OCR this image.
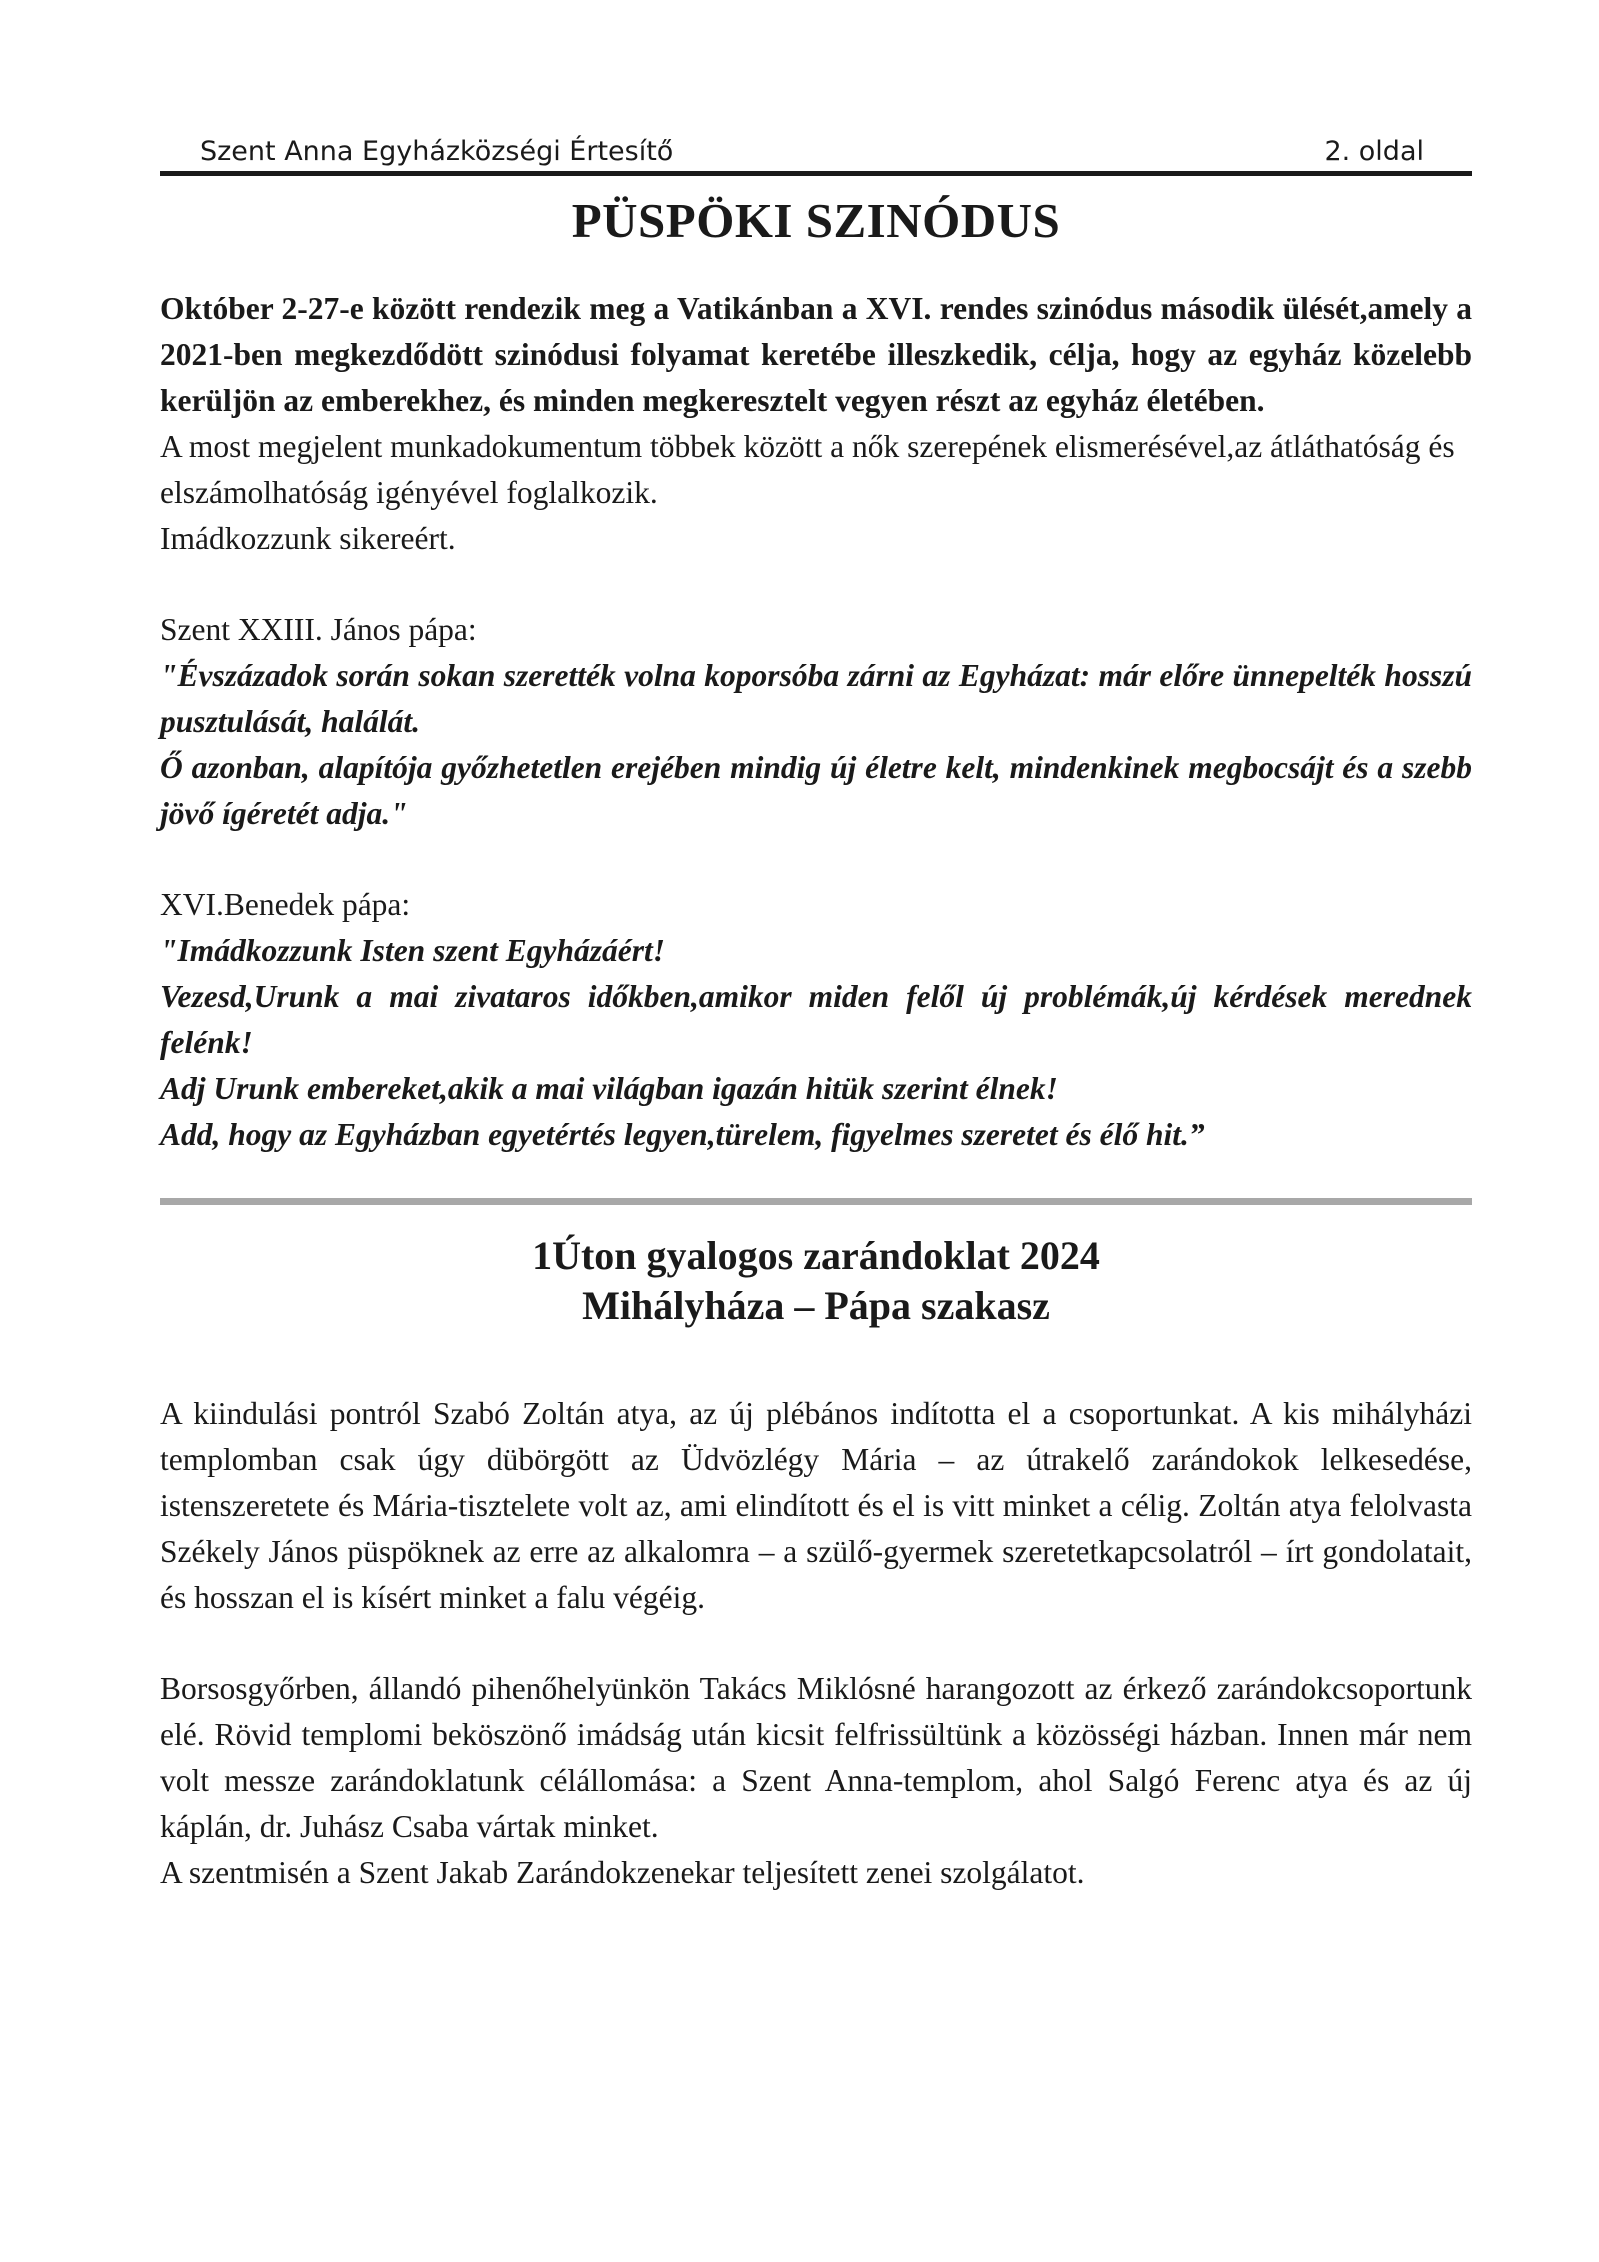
Szent Anna Egyházközségi Értesítő	2. oldal
PÜSPÖKI SZINÓDUS

Október 2-27-e között rendezik meg a Vatikánban a XVI. rendes szinódus második ülését,amely a 2021-ben megkezdődött szinódusi folyamat keretébe illeszkedik, célja, hogy az egyház közelebb kerüljön az emberekhez, és minden megkeresztelt vegyen részt az egyház életében.

A most megjelent munkadokumentum többek között a nők szerepének elismerésével,az átláthatóság és elszámolhatóság igényével foglalkozik.

Imádkozzunk sikereért.

Szent XXIII. János pápa:

"Évszázadok során sokan szerették volna koporsóba zárni az Egyházat: már előre ünnepelték hosszú pusztulását, halálát.

Ő azonban, alapítója győzhetetlen erejében mindig új életre kelt, mindenkinek megbocsájt és a szebb jövő ígéretét adja."

XVI.Benedek pápa:

"Imádkozzunk Isten szent Egyházáért!

Vezesd,Urunk a mai zivataros időkben,amikor miden felől új problémák,új kérdések merednek felénk!

Adj Urunk embereket,akik a mai világban igazán hitük szerint élnek!

Add, hogy az Egyházban egyetértés legyen,türelem, figyelmes szeretet és élő hit.”

1Úton gyalogos zarándoklat 2024
Mihályháza – Pápa szakasz

A kiindulási pontról Szabó Zoltán atya, az új plébános indította el a csoportunkat. A kis mihályházi templomban csak úgy dübörgött az Üdvözlégy Mária – az útrakelő zarándokok lelkesedése, istenszeretete és Mária-tisztelete volt az, ami elindított és el is vitt minket a célig. Zoltán atya felolvasta Székely János püspöknek az erre az alkalomra – a szülő-gyermek szeretetkapcsolatról – írt gondolatait, és hosszan el is kísért minket a falu végéig.

Borsosgyőrben, állandó pihenőhelyünkön Takács Miklósné harangozott az érkező zarándokcsoportunk elé. Rövid templomi beköszönő imádság után kicsit felfrissültünk a közösségi házban. Innen már nem volt messze zarándoklatunk célállomása: a Szent Anna-templom, ahol Salgó Ferenc atya és az új káplán, dr. Juhász Csaba vártak minket.

A szentmisén a Szent Jakab Zarándokzenekar teljesített zenei szolgálatot.
